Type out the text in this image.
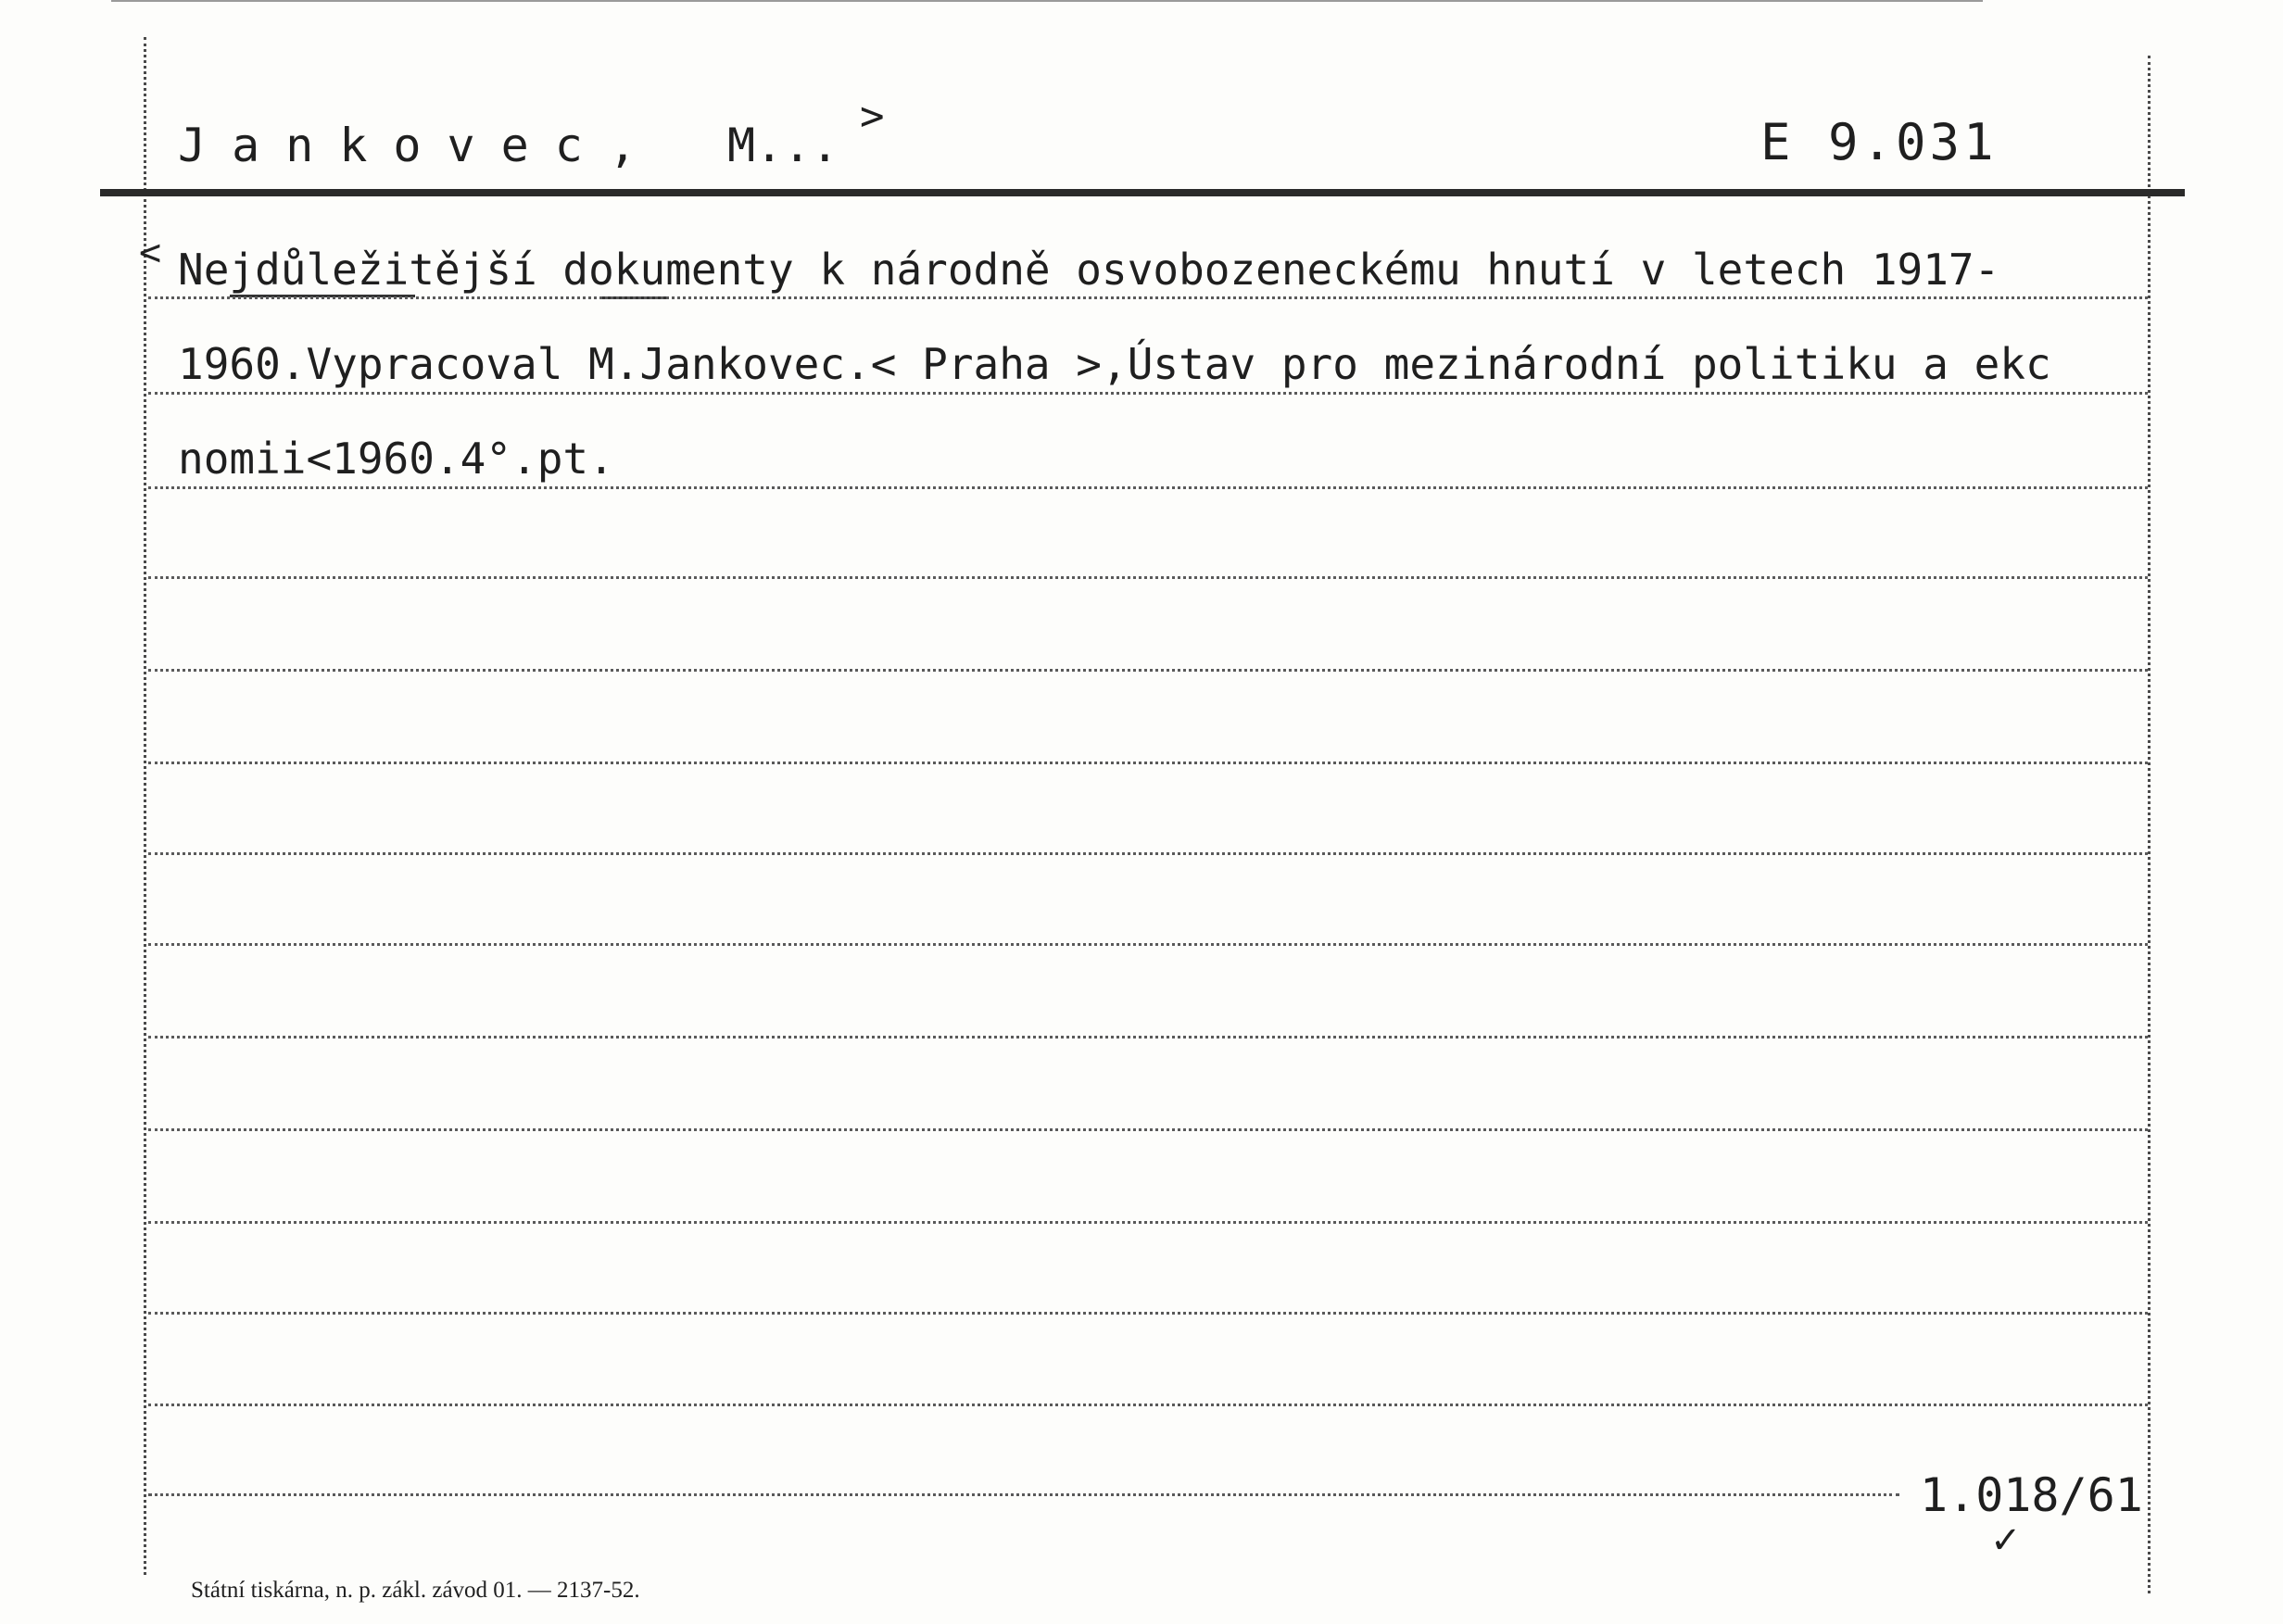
Jankovec, M...
>	E 9.031
< Nejdůležitější dokumenty k národně osvobozeneckému hnutí v letech 1917-
1960.Vypracoval M.Jankovec.< Praha >,Ústav pro mezinárodní politiku a ekc
nomii<1960.4°.pt.
1.018/61
✓
Státní tiskárna, n. p. zákl. závod 01. — 2137-52.
